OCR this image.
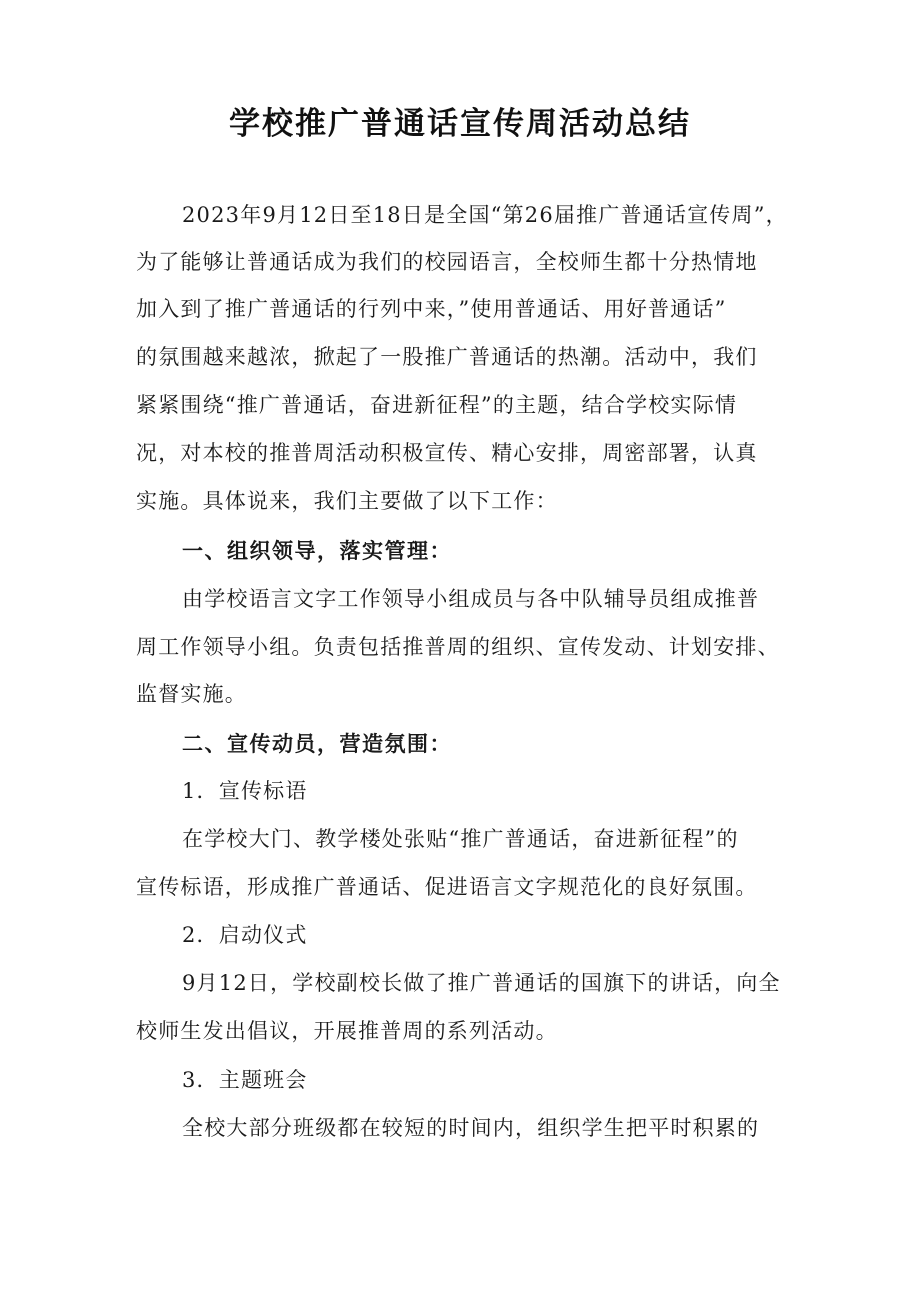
学校推广普通话宣传周活动总结
2023年9月12日至18日是全国“第26届推广普通话宣传周”，
为了能够让普通话成为我们的校园语言，全校师生都十分热情地
加入到了推广普通话的行列中来，”使用普通话、用好普通话”
的氛围越来越浓，掀起了一股推广普通话的热潮。活动中，我们
紧紧围绕“推广普通话，奋进新征程”的主题，结合学校实际情
况，对本校的推普周活动积极宣传、精心安排，周密部署，认真
实施。具体说来，我们主要做了以下工作：
一、组织领导，落实管理：
由学校语言文字工作领导小组成员与各中队辅导员组成推普
周工作领导小组。负责包括推普周的组织、宣传发动、计划安排、
监督实施。
二、宣传动员，营造氛围：
1．宣传标语
在学校大门、教学楼处张贴“推广普通话，奋进新征程”的
宣传标语，形成推广普通话、促进语言文字规范化的良好氛围。
2．启动仪式
9月12日，学校副校长做了推广普通话的国旗下的讲话，向全
校师生发出倡议，开展推普周的系列活动。
3．主题班会
全校大部分班级都在较短的时间内，组织学生把平时积累的
